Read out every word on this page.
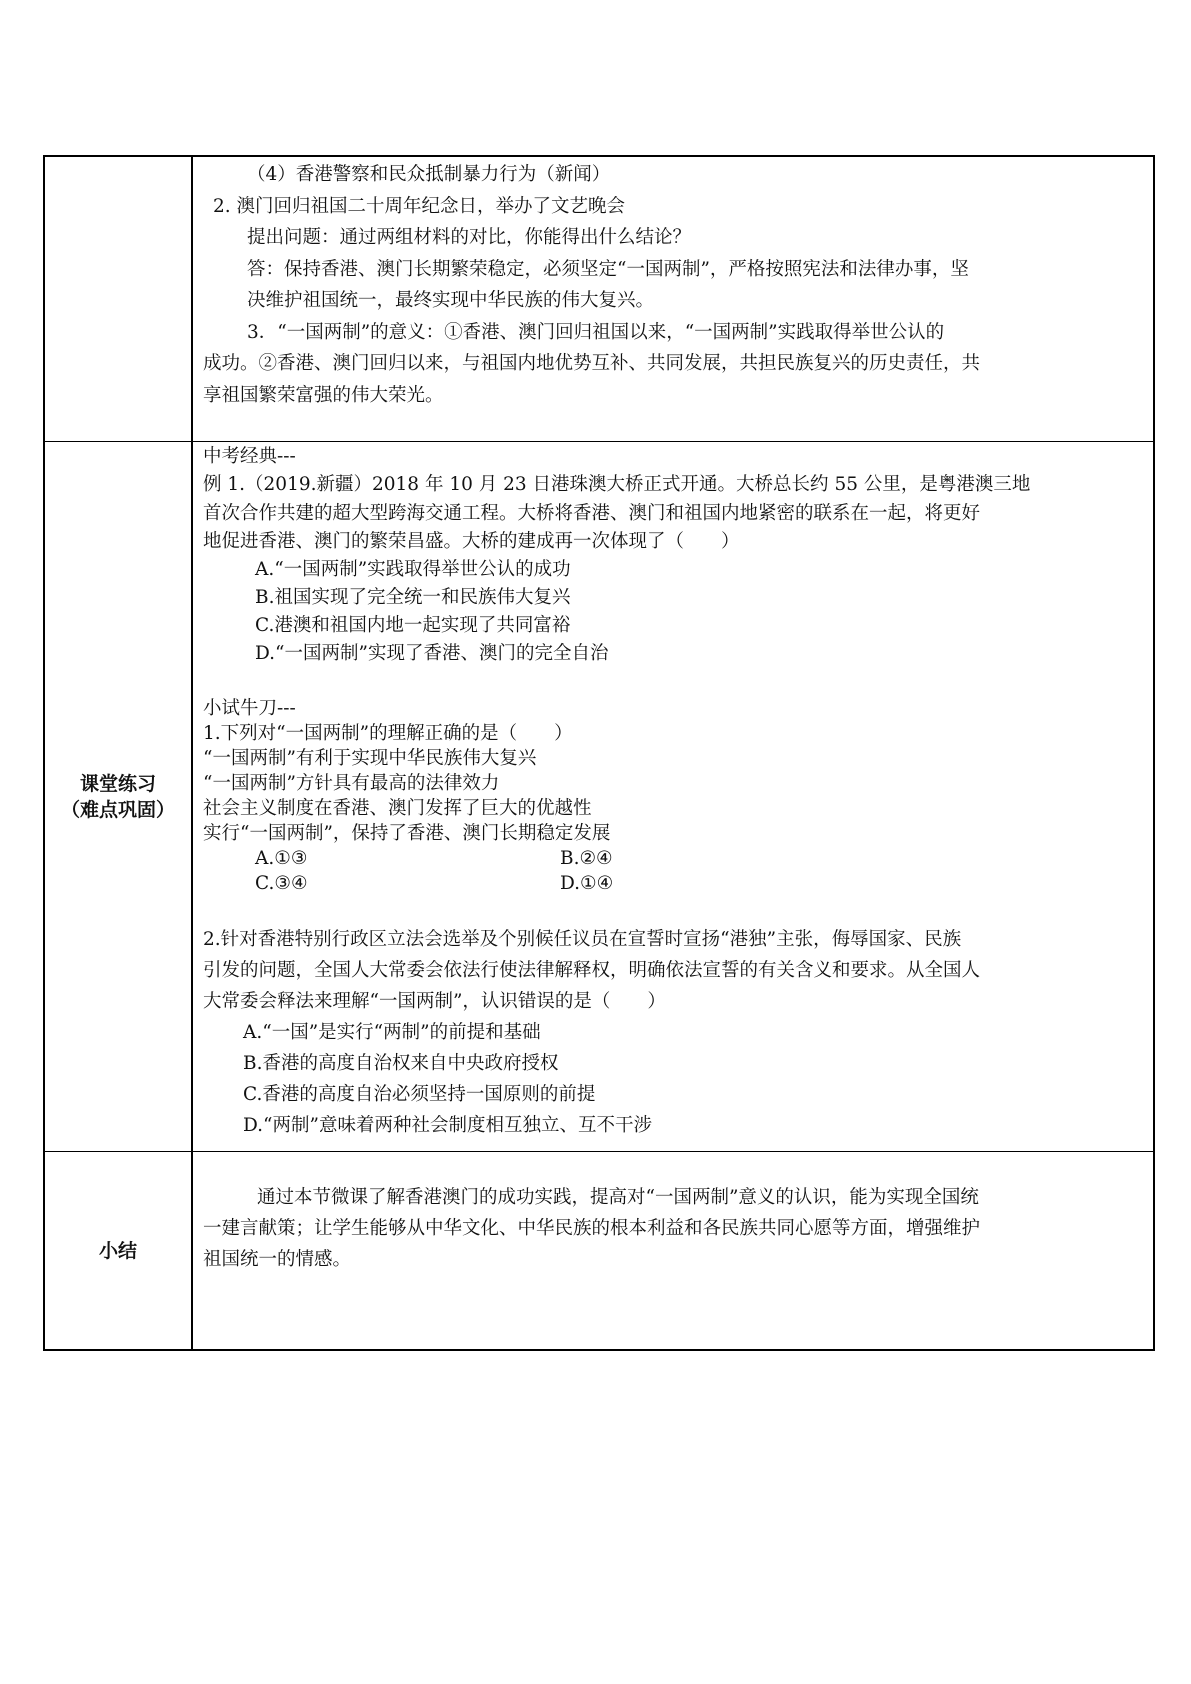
（4）香港警察和民众抵制暴力行为（新闻）

2. 澳门回归祖国二十周年纪念日，举办了文艺晚会

提出问题：通过两组材料的对比，你能得出什么结论？

答：保持香港、澳门长期繁荣稳定，必须坚定“一国两制”，严格按照宪法和法律办事，坚

决维护祖国统一，最终实现中华民族的伟大复兴。

3．“一国两制”的意义：①香港、澳门回归祖国以来，“一国两制”实践取得举世公认的

成功。②香港、澳门回归以来，与祖国内地优势互补、共同发展，共担民族复兴的历史责任，共

享祖国繁荣富强的伟大荣光。

课堂练习
（难点巩固）

中考经典---

例 1.（2019.新疆）2018 年 10 月 23 日港珠澳大桥正式开通。大桥总长约 55 公里，是粤港澳三地

首次合作共建的超大型跨海交通工程。大桥将香港、澳门和祖国内地紧密的联系在一起，将更好

地促进香港、澳门的繁荣昌盛。大桥的建成再一次体现了（　　）

A.“一国两制”实践取得举世公认的成功

B.祖国实现了完全统一和民族伟大复兴

C.港澳和祖国内地一起实现了共同富裕

D.“一国两制”实现了香港、澳门的完全自治

小试牛刀---

1.下列对“一国两制”的理解正确的是（　　）

“一国两制”有利于实现中华民族伟大复兴

“一国两制”方针具有最高的法律效力

社会主义制度在香港、澳门发挥了巨大的优越性

实行“一国两制”，保持了香港、澳门长期稳定发展

A.①③	B.②④
C.③④	D.①④

2.针对香港特别行政区立法会选举及个别候任议员在宣誓时宣扬“港独”主张，侮辱国家、民族

引发的问题，全国人大常委会依法行使法律解释权，明确依法宣誓的有关含义和要求。从全国人

大常委会释法来理解“一国两制”，认识错误的是（　　）

A.“一国”是实行“两制”的前提和基础

B.香港的高度自治权来自中央政府授权

C.香港的高度自治必须坚持一国原则的前提

D.“两制”意味着两种社会制度相互独立、互不干涉

小结

通过本节微课了解香港澳门的成功实践，提高对“一国两制”意义的认识，能为实现全国统

一建言献策；让学生能够从中华文化、中华民族的根本利益和各民族共同心愿等方面，增强维护

祖国统一的情感。
